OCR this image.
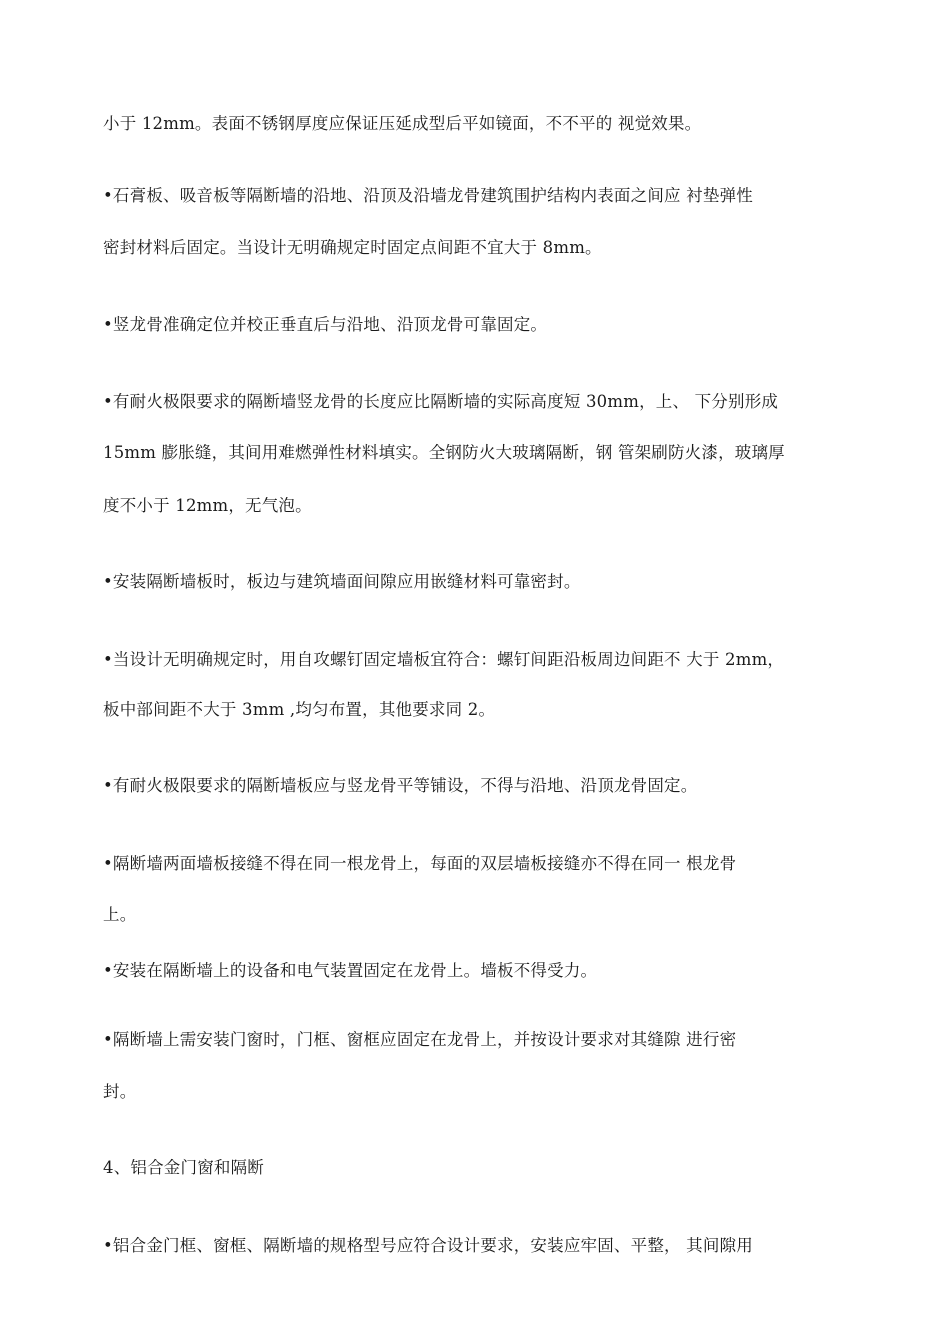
小于 12mm。表面不锈钢厚度应保证压延成型后平如镜面，不不平的 视觉效果。
•石膏板、吸音板等隔断墙的沿地、沿顶及沿墙龙骨建筑围护结构内表面之间应 衬垫弹性
密封材料后固定。当设计无明确规定时固定点间距不宜大于 8mm。
•竖龙骨准确定位并校正垂直后与沿地、沿顶龙骨可靠固定。
•有耐火极限要求的隔断墙竖龙骨的长度应比隔断墙的实际高度短 30mm，上、 下分别形成
15mm 膨胀缝，其间用难燃弹性材料填实。全钢防火大玻璃隔断，钢 管架刷防火漆，玻璃厚
度不小于 12mm，无气泡。
•安装隔断墙板时，板边与建筑墙面间隙应用嵌缝材料可靠密封。
•当设计无明确规定时，用自攻螺钉固定墙板宜符合：螺钉间距沿板周边间距不 大于 2mm，
板中部间距不大于 3mm ,均匀布置，其他要求同 2。
•有耐火极限要求的隔断墙板应与竖龙骨平等铺设，不得与沿地、沿顶龙骨固定。
•隔断墙两面墙板接缝不得在同一根龙骨上，每面的双层墙板接缝亦不得在同一 根龙骨
上。
•安装在隔断墙上的设备和电气装置固定在龙骨上。墙板不得受力。
•隔断墙上需安装门窗时，门框、窗框应固定在龙骨上，并按设计要求对其缝隙 进行密
封。
4、铝合金门窗和隔断
•铝合金门框、窗框、隔断墙的规格型号应符合设计要求，安装应牢固、平整， 其间隙用
